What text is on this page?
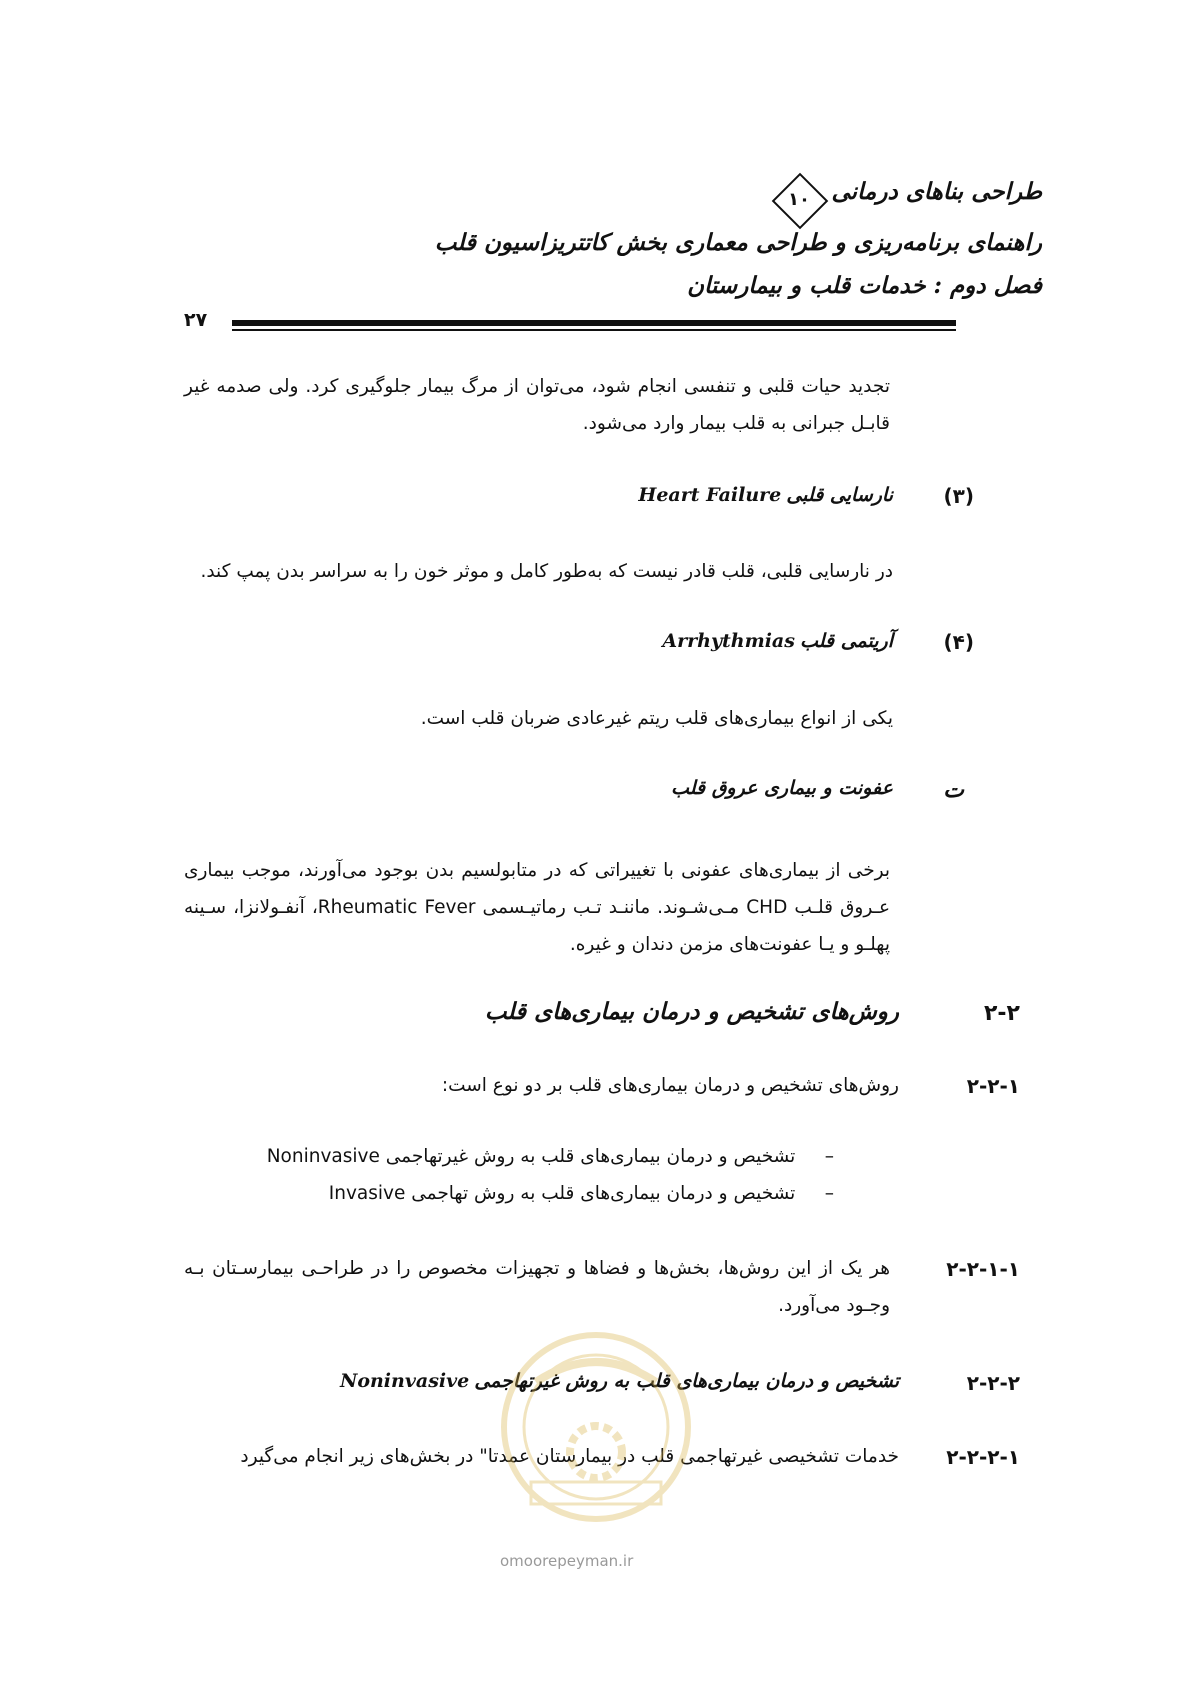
طراحی بناهای درمانی
۱۰
راهنمای برنامه‌ریزی و طراحی معماری بخش کاتتریزاسیون قلب
فصل دوم : خدمات قلب و بیمارستان
۲۷
تجدید حیات قلبی و تنفسی انجام شود، می‌توان از مرگ بیمار جلوگیری کرد. ولی صدمه غیر قابـل جبرانی به قلب بیمار وارد می‌شود.
(۳)
نارسایی قلبی Heart Failure
در نارسایی قلبی، قلب قادر نیست که به‌طور کامل و موثر خون را به سراسر بدن پمپ کند.
(۴)
آریتمی قلب Arrhythmias
یکی از انواع بیماری‌های قلب ریتم غیرعادی ضربان قلب است.
ت
عفونت و بیماری عروق قلب
برخی از بیماری‌های عفونی با تغییراتی که در متابولسیم بدن بوجود می‌آورند، موجب بیماری عـروق قلـب CHD مـی‌شـوند. ماننـد تـب رماتیـسمی Rheumatic Fever، آنفـولانزا، سـینه پهلـو و یـا عفونت‌های مزمن دندان و غیره.
۲-۲
روش‌های تشخیص و درمان بیماری‌های قلب
۲-۲-۱
روش‌های تشخیص و درمان بیماری‌های قلب بر دو نوع است:
–     تشخیص و درمان بیماری‌های قلب به روش غیرتهاجمی Noninvasive
–     تشخیص و درمان بیماری‌های قلب به روش تهاجمی Invasive
۲-۲-۱-۱
هر یک از این روش‌ها، بخش‌ها و فضاها و تجهیزات مخصوص را در طراحـی بیمارسـتان بـه وجـود می‌آورد.
۲-۲-۲
تشخیص و درمان بیماری‌های قلب به روش غیرتهاجمی Noninvasive
۲-۲-۲-۱
خدمات تشخیصی غیرتهاجمی قلب در بیمارستان عمدتا" در بخش‌های زیر انجام می‌گیرد
omoorepeyman.ir
